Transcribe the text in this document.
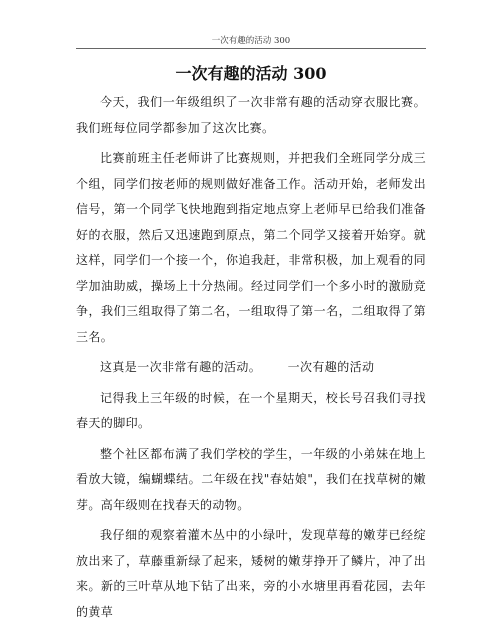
一次有趣的活动 300
一次有趣的活动 300

今天，我们一年级组织了一次非常有趣的活动穿衣服比赛。我们班每位同学都参加了这次比赛。

比赛前班主任老师讲了比赛规则，并把我们全班同学分成三个组，同学们按老师的规则做好准备工作。活动开始，老师发出信号，第一个同学飞快地跑到指定地点穿上老师早已给我们准备好的衣服，然后又迅速跑到原点，第二个同学又接着开始穿。就这样，同学们一个接一个，你追我赶，非常积极，加上观看的同学加油助威，操场上十分热闹。经过同学们一个多小时的激励竞争，我们三组取得了第二名，一组取得了第一名，二组取得了第三名。

这真是一次非常有趣的活动。 一次有趣的活动

记得我上三年级的时候，在一个星期天，校长号召我们寻找春天的脚印。

整个社区都布满了我们学校的学生，一年级的小弟妹在地上看放大镜，编蝴蝶结。二年级在找"春姑娘"，我们在找草树的嫩芽。高年级则在找春天的动物。

我仔细的观察着灌木丛中的小绿叶，发现草莓的嫩芽已经绽放出来了，草藤重新绿了起来，矮树的嫩芽挣开了鳞片，冲了出来。新的三叶草从地下钻了出来，旁的小水塘里再看花园，去年的黄草
